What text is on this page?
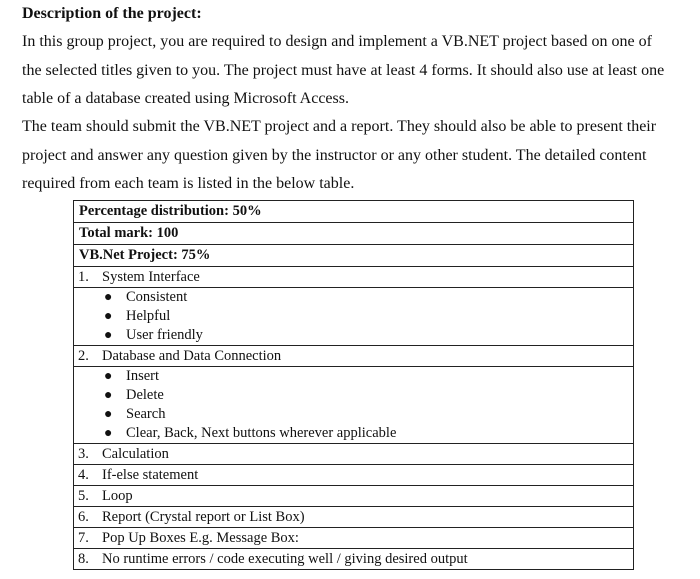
Description of the project:

In this group project, you are required to design and implement a VB.NET project based on one of
the selected titles given to you. The project must have at least 4 forms. It should also use at least one
table of a database created using Microsoft Access.

The team should submit the VB.NET project and a report. They should also be able to present their
project and answer any question given by the instructor or any other student. The detailed content
required from each team is listed in the below table.

Percentage distribution: 50%
Total mark: 100
VB.Net Project: 75%
1. System Interface
● Consistent
● Helpful
● User friendly
2. Database and Data Connection
● Insert
● Delete
● Search
● Clear, Back, Next buttons wherever applicable
3. Calculation
4. If-else statement
5. Loop
6. Report (Crystal report or List Box)
7. Pop Up Boxes E.g. Message Box:
8. No runtime errors / code executing well / giving desired output
